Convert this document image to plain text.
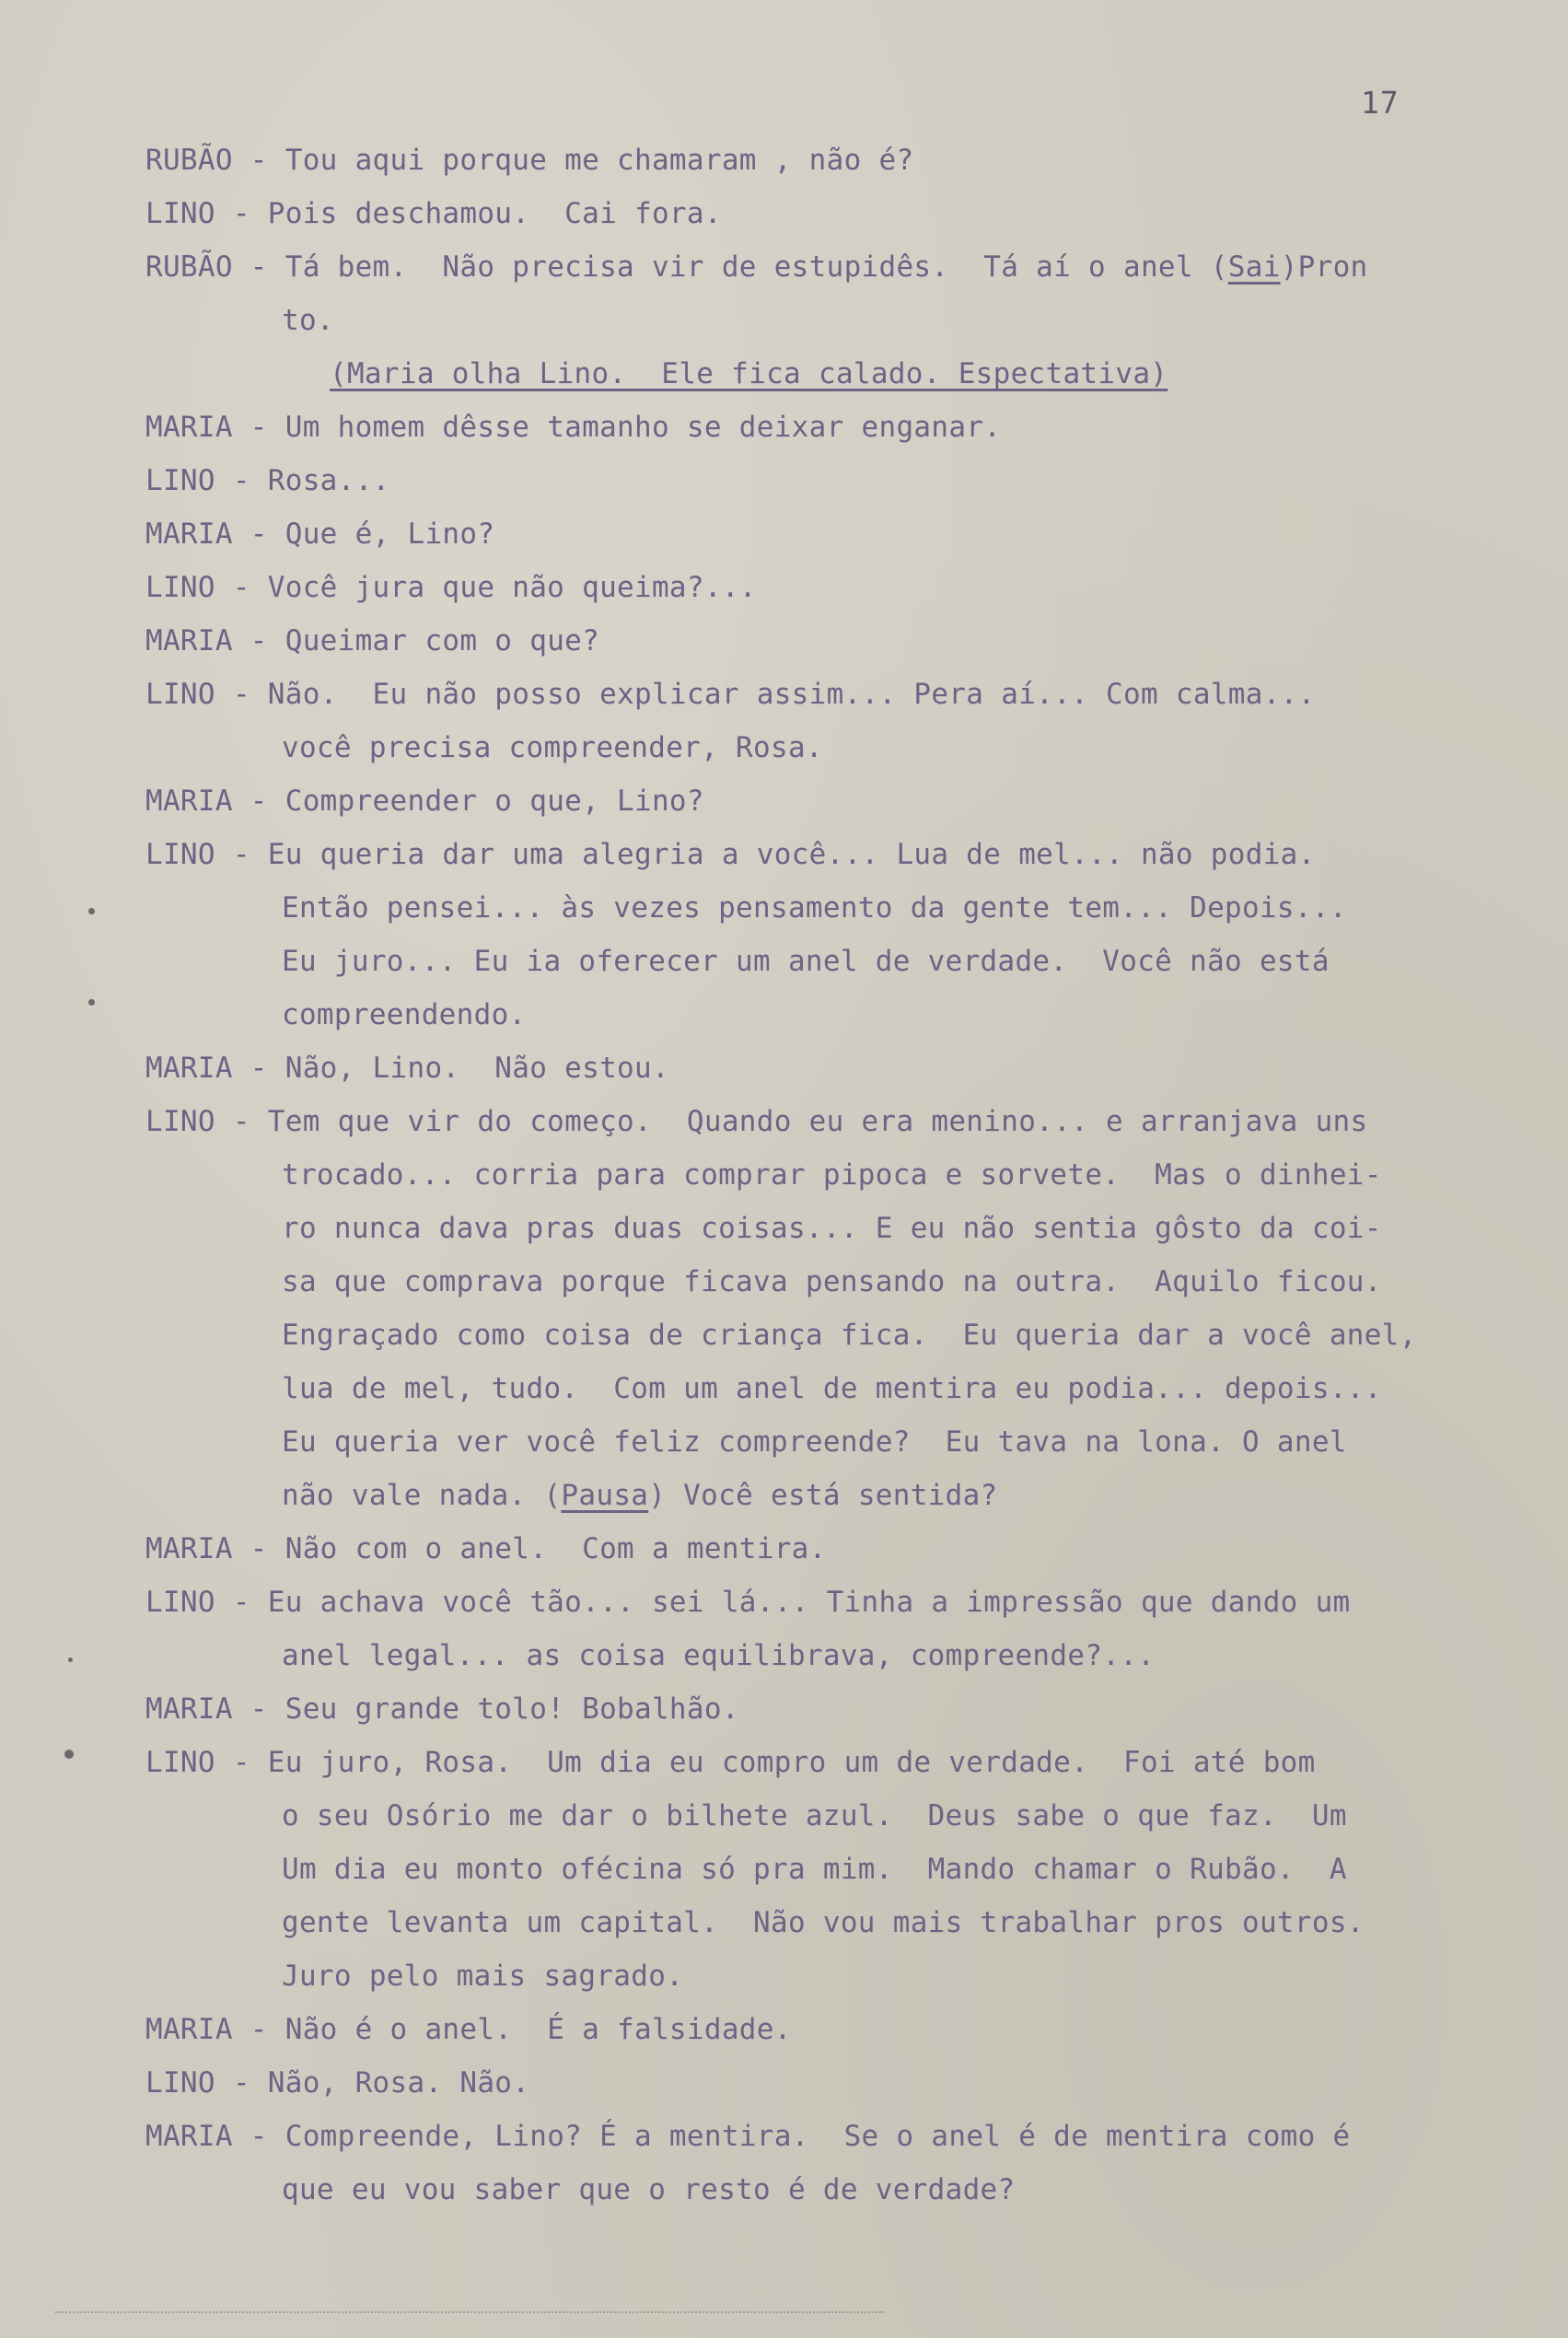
17
RUBÃO - Tou aqui porque me chamaram , não é?
LINO - Pois deschamou.  Cai fora.
RUBÃO - Tá bem.  Não precisa vir de estupidês.  Tá aí o anel (Sai)Pron
to.
(Maria olha Lino.  Ele fica calado. Espectativa)
MARIA - Um homem dêsse tamanho se deixar enganar.
LINO - Rosa...
MARIA - Que é, Lino?
LINO - Você jura que não queima?...
MARIA - Queimar com o que?
LINO - Não.  Eu não posso explicar assim... Pera aí... Com calma...
você precisa compreender, Rosa.
MARIA - Compreender o que, Lino?
LINO - Eu queria dar uma alegria a você... Lua de mel... não podia.
Então pensei... às vezes pensamento da gente tem... Depois...
Eu juro... Eu ia oferecer um anel de verdade.  Você não está
compreendendo.
MARIA - Não, Lino.  Não estou.
LINO - Tem que vir do começo.  Quando eu era menino... e arranjava uns
trocado... corria para comprar pipoca e sorvete.  Mas o dinhei-
ro nunca dava pras duas coisas... E eu não sentia gôsto da coi-
sa que comprava porque ficava pensando na outra.  Aquilo ficou.
Engraçado como coisa de criança fica.  Eu queria dar a você anel,
lua de mel, tudo.  Com um anel de mentira eu podia... depois...
Eu queria ver você feliz compreende?  Eu tava na lona. O anel
não vale nada. (Pausa) Você está sentida?
MARIA - Não com o anel.  Com a mentira.
LINO - Eu achava você tão... sei lá... Tinha a impressão que dando um
anel legal... as coisa equilibrava, compreende?...
MARIA - Seu grande tolo! Bobalhão.
LINO - Eu juro, Rosa.  Um dia eu compro um de verdade.  Foi até bom
o seu Osório me dar o bilhete azul.  Deus sabe o que faz.  Um
Um dia eu monto ofécina só pra mim.  Mando chamar o Rubão.  A
gente levanta um capital.  Não vou mais trabalhar pros outros.
Juro pelo mais sagrado.
MARIA - Não é o anel.  É a falsidade.
LINO - Não, Rosa. Não.
MARIA - Compreende, Lino? É a mentira.  Se o anel é de mentira como é
que eu vou saber que o resto é de verdade?
